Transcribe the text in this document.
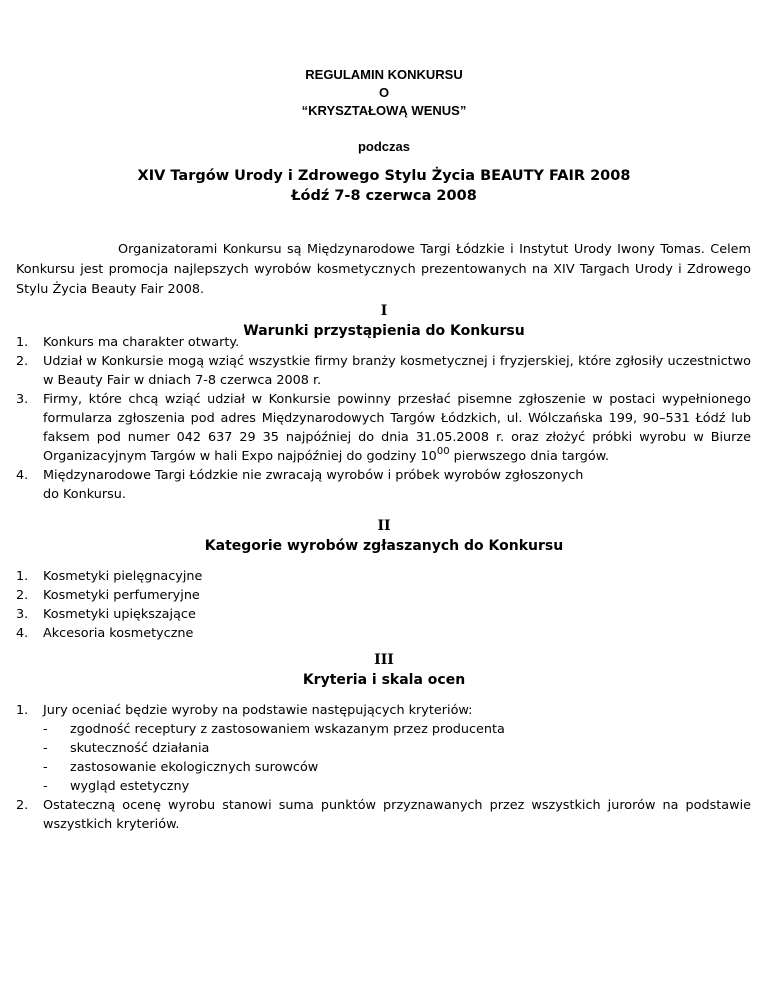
REGULAMIN KONKURSU
O
“KRYSZTAŁOWĄ WENUS”
podczas
XIV Targów Urody i Zdrowego Stylu Życia BEAUTY FAIR 2008
Łódź 7-8 czerwca 2008
Organizatorami Konkursu są Międzynarodowe Targi Łódzkie i Instytut Urody Iwony Tomas. Celem Konkursu jest promocja najlepszych wyrobów kosmetycznych prezentowanych na XIV Targach Urody i Zdrowego Stylu Życia Beauty Fair 2008.
I
Warunki przystąpienia do Konkursu
1. Konkurs ma charakter otwarty.
2. Udział w Konkursie mogą wziąć wszystkie firmy branży kosmetycznej i fryzjerskiej, które zgłosiły uczestnictwo w Beauty Fair w dniach 7-8 czerwca 2008 r.
3. Firmy, które chcą wziąć udział w Konkursie powinny przesłać pisemne zgłoszenie w postaci wypełnionego formularza zgłoszenia pod adres Międzynarodowych Targów Łódzkich, ul. Wólczańska 199, 90–531 Łódź lub faksem pod numer 042 637 29 35 najpóźniej do dnia 31.05.2008 r. oraz złożyć próbki wyrobu w Biurze Organizacyjnym Targów w hali Expo najpóźniej do godziny $10^{00}$ pierwszego dnia targów.
4. Międzynarodowe Targi Łódzkie nie zwracają wyrobów i próbek wyrobów zgłoszonych
do Konkursu.
II
Kategorie wyrobów zgłaszanych do Konkursu
1. Kosmetyki pielęgnacyjne
2. Kosmetyki perfumeryjne
3. Kosmetyki upiększające
4. Akcesoria kosmetyczne
III
Kryteria i skala ocen
1. Jury oceniać będzie wyroby na podstawie następujących kryteriów:
- zgodność receptury z zastosowaniem wskazanym przez producenta
- skuteczność działania
- zastosowanie ekologicznych surowców
- wygląd estetyczny
2. Ostateczną ocenę wyrobu stanowi suma punktów przyznawanych przez wszystkich jurorów na podstawie wszystkich kryteriów.
